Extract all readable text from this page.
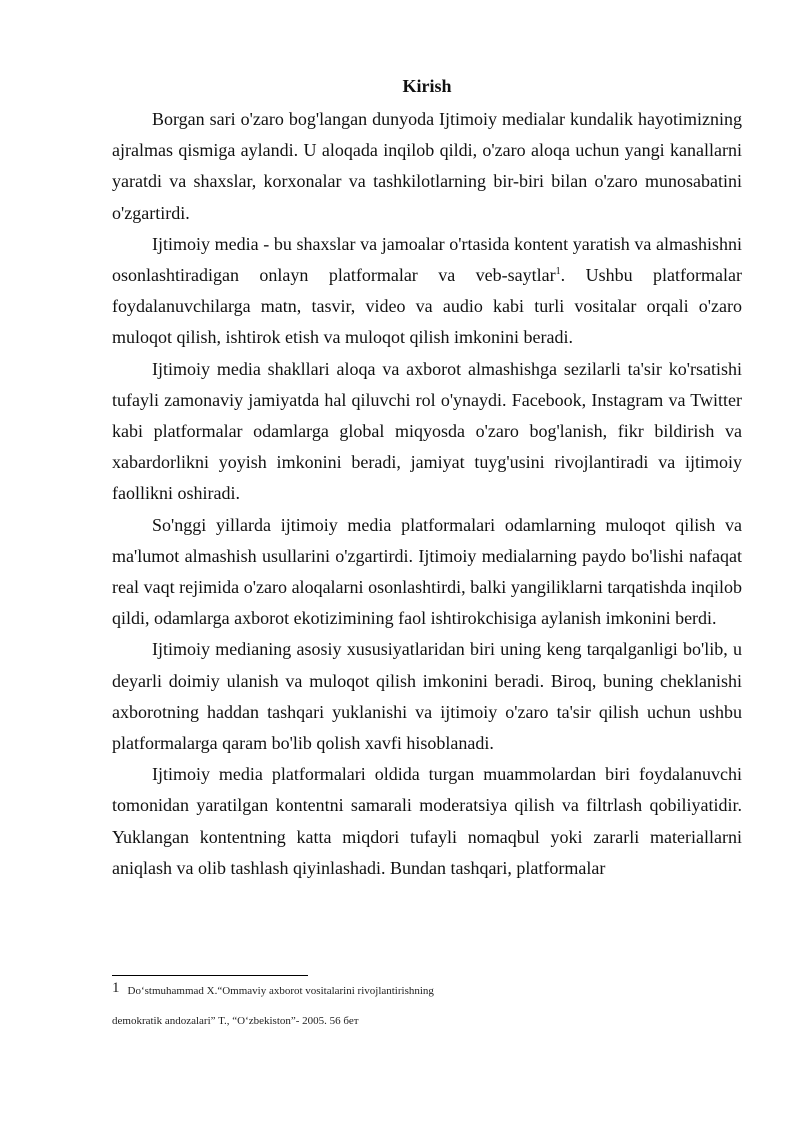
Kirish

Borgan sari o'zaro bog'langan dunyoda Ijtimoiy medialar kundalik hayotimizning ajralmas qismiga aylandi. U aloqada inqilob qildi, o'zaro aloqa uchun yangi kanallarni yaratdi va shaxslar, korxonalar va tashkilotlarning bir-biri bilan o'zaro munosabatini o'zgartirdi.

Ijtimoiy media - bu shaxslar va jamoalar o'rtasida kontent yaratish va almashishni osonlashtiradigan onlayn platformalar va veb-saytlar$^1$. Ushbu platformalar foydalanuvchilarga matn, tasvir, video va audio kabi turli vositalar orqali o'zaro muloqot qilish, ishtirok etish va muloqot qilish imkonini beradi.

Ijtimoiy media shakllari aloqa va axborot almashishga sezilarli ta'sir ko'rsatishi tufayli zamonaviy jamiyatda hal qiluvchi rol o'ynaydi. Facebook, Instagram va Twitter kabi platformalar odamlarga global miqyosda o'zaro bog'lanish, fikr bildirish va xabardorlikni yoyish imkonini beradi, jamiyat tuyg'usini rivojlantiradi va ijtimoiy faollikni oshiradi.

So'nggi yillarda ijtimoiy media platformalari odamlarning muloqot qilish va ma'lumot almashish usullarini o'zgartirdi. Ijtimoiy medialarning paydo bo'lishi nafaqat real vaqt rejimida o'zaro aloqalarni osonlashtirdi, balki yangiliklarni tarqatishda inqilob qildi, odamlarga axborot ekotizimining faol ishtirokchisiga aylanish imkonini berdi.

Ijtimoiy medianing asosiy xususiyatlaridan biri uning keng tarqalganligi bo'lib, u deyarli doimiy ulanish va muloqot qilish imkonini beradi. Biroq, buning cheklanishi axborotning haddan tashqari yuklanishi va ijtimoiy o'zaro ta'sir qilish uchun ushbu platformalarga qaram bo'lib qolish xavfi hisoblanadi.

Ijtimoiy media platformalari oldida turgan muammolardan biri foydalanuvchi tomonidan yaratilgan kontentni samarali moderatsiya qilish va filtrlash qobiliyatidir. Yuklangan kontentning katta miqdori tufayli nomaqbul yoki zararli materiallarni aniqlash va olib tashlash qiyinlashadi. Bundan tashqari, platformalar

1 Do‘stmuhammad X.“Ommaviy axborot vositalarini rivojlantirishning
demokratik andozalari” T., “O‘zbekiston”- 2005. 56 бет
